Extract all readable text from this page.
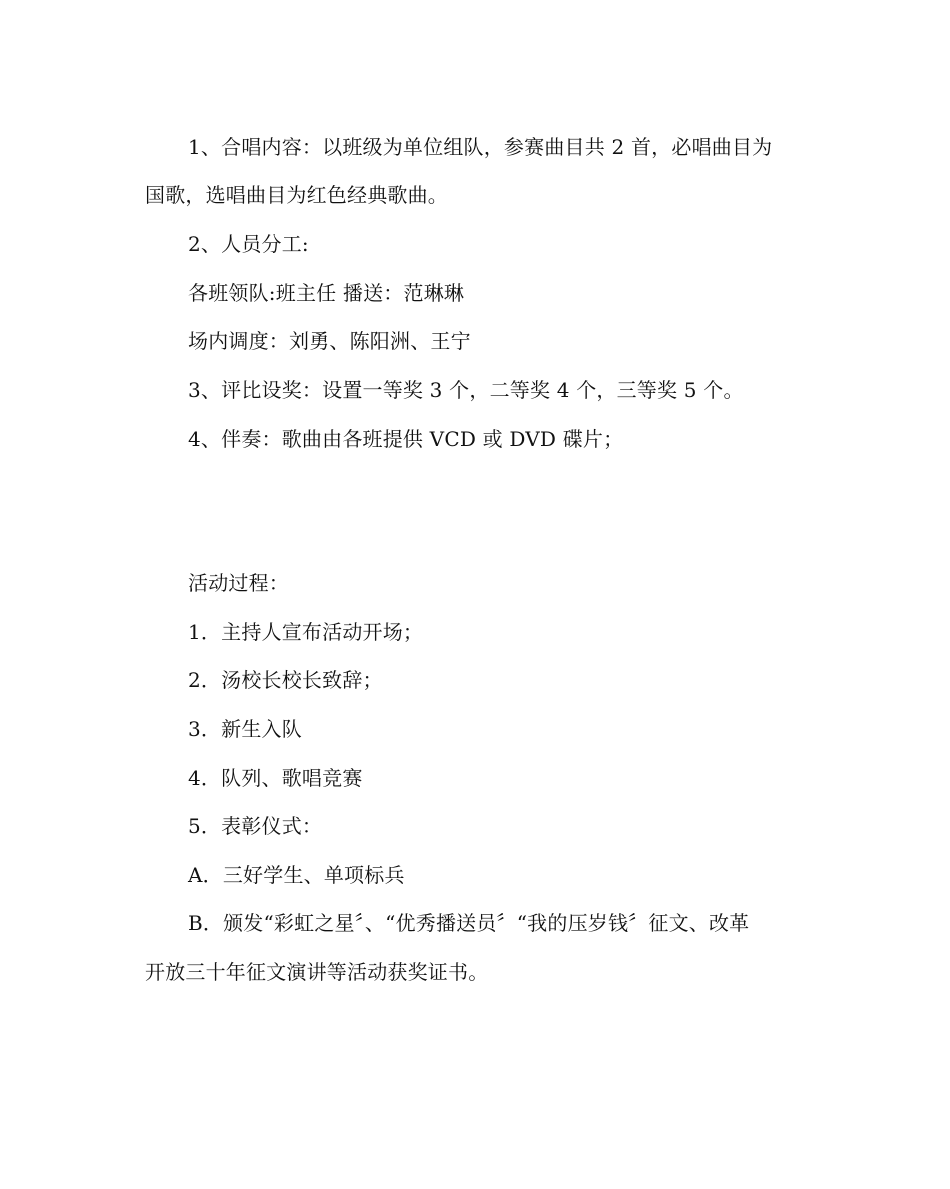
1、合唱内容：以班级为单位组队，参赛曲目共 2 首，必唱曲目为
国歌，选唱曲目为红色经典歌曲。
2、人员分工:
各班领队:班主任 播送：范琳琳
场内调度：刘勇、陈阳洲、王宁
3、评比设奖：设置一等奖 3 个，二等奖 4 个，三等奖 5 个。
4、伴奏：歌曲由各班提供 VCD 或 DVD 碟片；
活动过程：
1．主持人宣布活动开场；
2．汤校长校长致辞；
3．新生入队
4．队列、歌唱竞赛
5．表彰仪式：
A．三好学生、单项标兵
B．颁发“彩虹之星〞、“优秀播送员〞“我的压岁钱〞征文、改革
开放三十年征文演讲等活动获奖证书。
